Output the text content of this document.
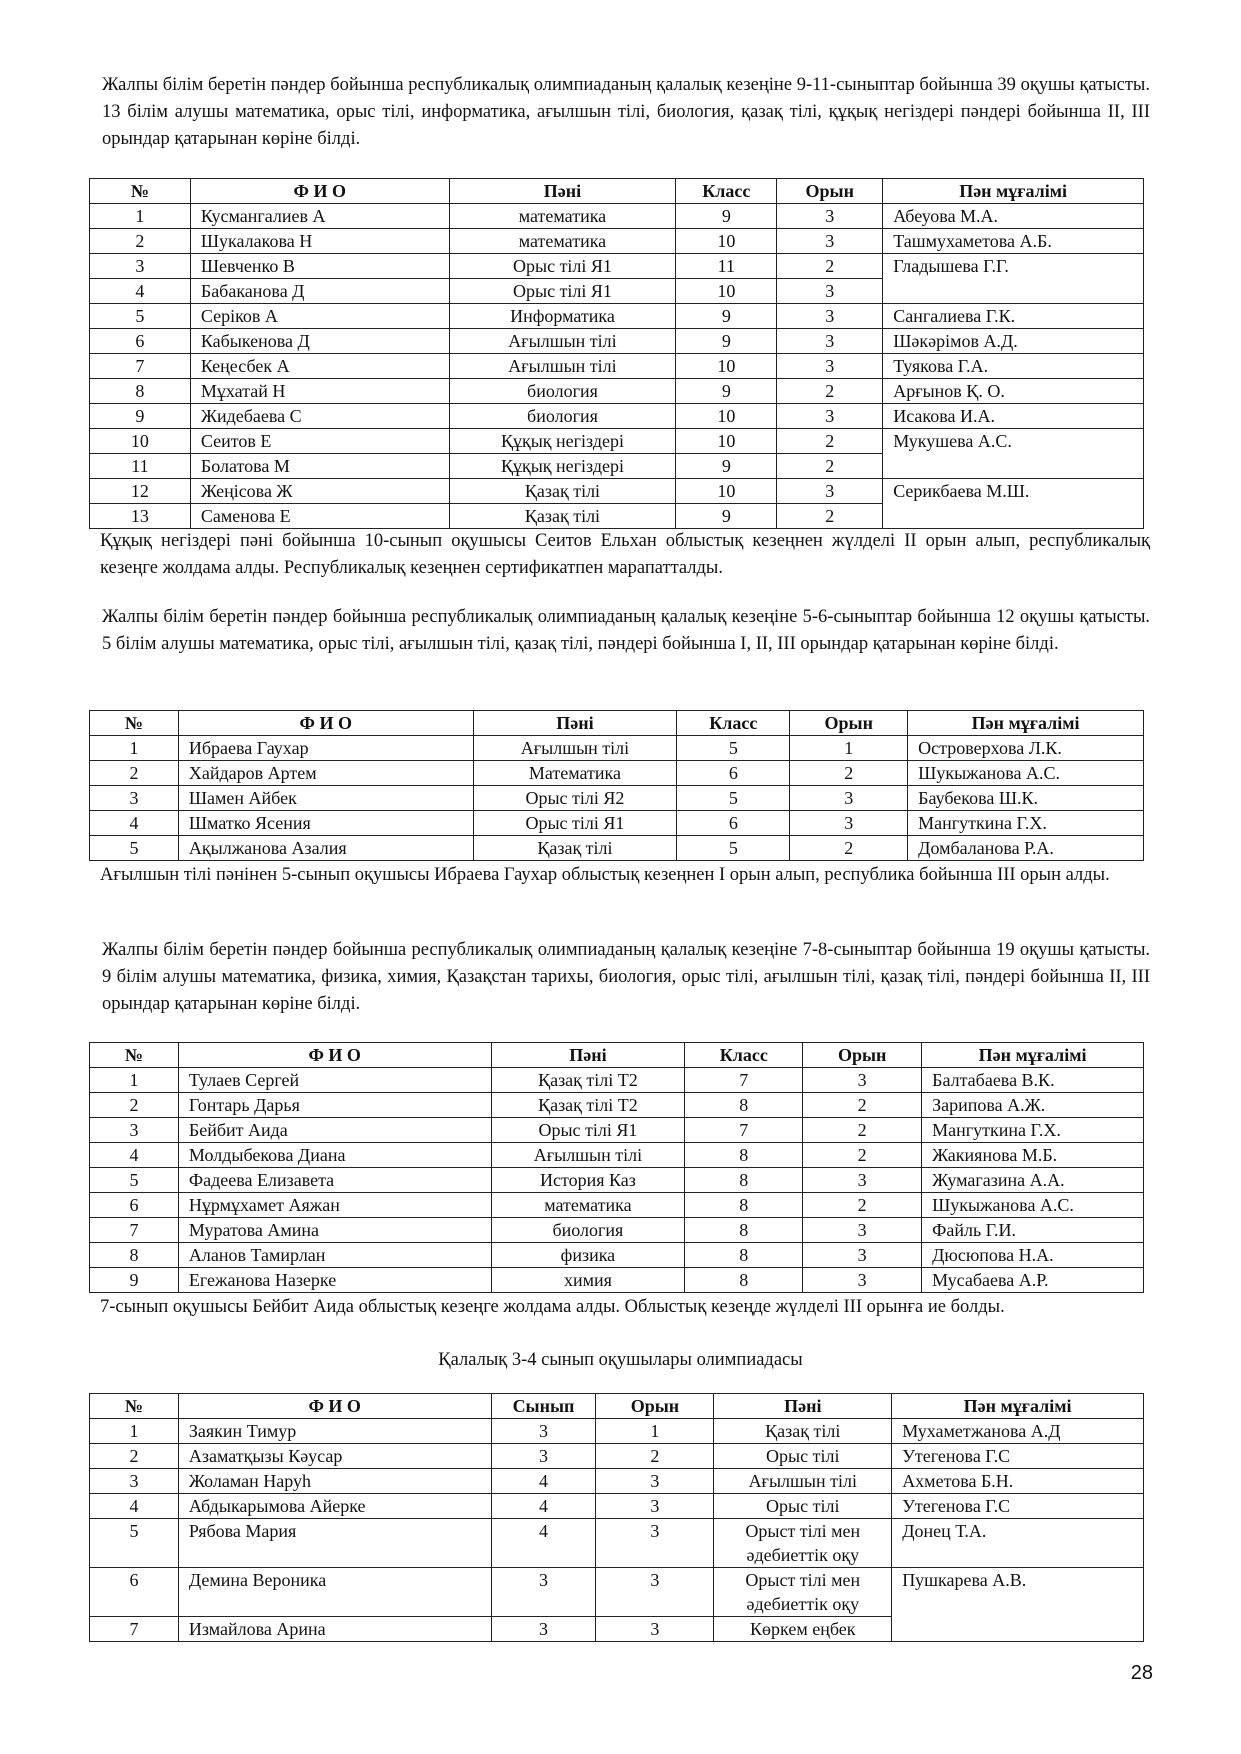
Жалпы білім беретін пәндер бойынша республикалық олимпиаданың қалалық кезеңіне 9-11-сыныптар бойынша 39 оқушы қатысты. 13 білім алушы математика, орыс тілі, информатика, ағылшын тілі, биология, қазақ тілі, құқық негіздері пәндері бойынша ІІ, ІІІ орындар қатарынан көріне білді.

№	Ф И О	Пәні	Класс	Орын	Пән мұғалімі
1	Кусмангалиев А	математика	9	3	Абеуова М.А.
2	Шукалакова Н	математика	10	3	Ташмухаметова А.Б.
3	Шевченко В	Орыс тілі Я1	11	2	Гладышева Г.Г.
4	Бабаканова Д	Орыс тілі Я1	10	3	
5	Серіков А	Информатика	9	3	Сангалиева Г.К.
6	Кабыкенова Д	Ағылшын тілі	9	3	Шәкәрімов А.Д.
7	Кеңесбек А	Ағылшын тілі	10	3	Туякова Г.А.
8	Мұхатай Н	биология	9	2	Арғынов Қ. О.
9	Жидебаева С	биология	10	3	Исакова И.А.
10	Сеитов Е	Құқық негіздері	10	2	Мукушева А.С.
11	Болатова М	Құқық негіздері	9	2	
12	Жеңісова Ж	Қазақ тілі	10	3	Серикбаева М.Ш.
13	Саменова Е	Қазақ тілі	9	2	

Құқық негіздері пәні бойынша 10-сынып оқушысы Сеитов Ельхан облыстық кезеңнен жүлделі ІІ орын алып, республикалық кезеңге жолдама алды. Республикалық кезеңнен сертификатпен марапатталды.

Жалпы білім беретін пәндер бойынша республикалық олимпиаданың қалалық кезеңіне 5-6-сыныптар бойынша 12 оқушы қатысты. 5 білім алушы математика, орыс тілі, ағылшын тілі, қазақ тілі, пәндері бойынша І, ІІ, ІІІ орындар қатарынан көріне білді.

№	Ф И О	Пәні	Класс	Орын	Пән мұғалімі
1	Ибраева Гаухар	Ағылшын тілі	5	1	Островерхова Л.К.
2	Хайдаров Артем	Математика	6	2	Шукыжанова А.С.
3	Шамен Айбек	Орыс тілі Я2	5	3	Баубекова Ш.К.
4	Шматко Ясения	Орыс тілі Я1	6	3	Мангуткина Г.Х.
5	Ақылжанова Азалия	Қазақ тілі	5	2	Домбаланова Р.А.

Ағылшын тілі пәнінен 5-сынып оқушысы Ибраева Гаухар облыстық кезеңнен І орын алып, республика бойынша ІІІ орын алды.

Жалпы білім беретін пәндер бойынша республикалық олимпиаданың қалалық кезеңіне 7-8-сыныптар бойынша 19 оқушы қатысты. 9 білім алушы математика, физика, химия, Қазақстан тарихы, биология, орыс тілі, ағылшын тілі, қазақ тілі, пәндері бойынша ІІ, ІІІ орындар қатарынан көріне білді.

№	Ф И О	Пәні	Класс	Орын	Пән мұғалімі
1	Тулаев Сергей	Қазақ тілі Т2	7	3	Балтабаева В.К.
2	Гонтарь Дарья	Қазақ тілі Т2	8	2	Зарипова А.Ж.
3	Бейбит Аида	Орыс тілі Я1	7	2	Мангуткина Г.Х.
4	Молдыбекова Диана	Ағылшын тілі	8	2	Жакиянова М.Б.
5	Фадеева Елизавета	История Каз	8	3	Жумагазина А.А.
6	Нұрмұхамет Аяжан	математика	8	2	Шукыжанова А.С.
7	Муратова Амина	биология	8	3	Файль Г.И.
8	Аланов Тамирлан	физика	8	3	Дюсюпова Н.А.
9	Егежанова Назерке	химия	8	3	Мусабаева А.Р.

7-сынып оқушысы Бейбит Аида облыстық кезеңге жолдама алды. Облыстық кезеңде жүлделі ІІІ орынға ие болды.

Қалалық 3-4 сынып оқушылары олимпиадасы

№	Ф И О	Сынып	Орын	Пәні	Пән мұғалімі
1	Заякин Тимур	3	1	Қазақ тілі	Мухаметжанова А.Д
2	Азаматқызы Кәусар	3	2	Орыс тілі	Утегенова Г.С
3	Жоламан Наруһ	4	3	Ағылшын тілі	Ахметова Б.Н.
4	Абдыкарымова Айерке	4	3	Орыс тілі	Утегенова Г.С
5	Рябова Мария	4	3	Орыст тілі мен әдебиеттік оқу	Донец Т.А.
6	Демина Вероника	3	3	Орыст тілі мен әдебиеттік оқу	Пушкарева А.В.
7	Измайлова Арина	3	3	Көркем еңбек	
28
